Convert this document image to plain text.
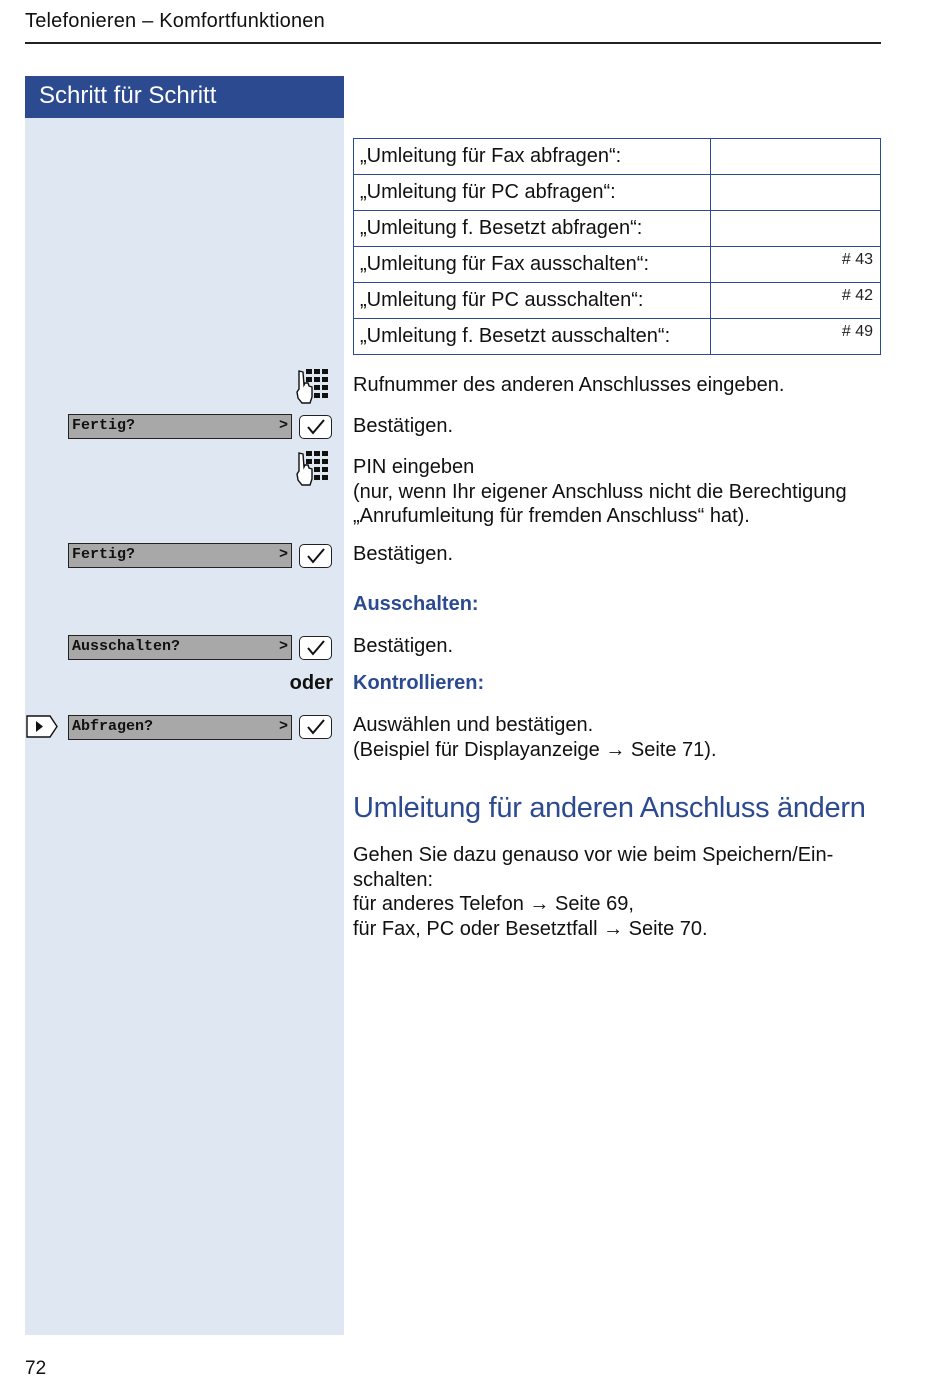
Telefonieren – Komfortfunktionen
Schritt für Schritt
„Umleitung für Fax abfragen“:	
„Umleitung für PC abfragen“:	
„Umleitung f. Besetzt abfragen“:	
„Umleitung für Fax ausschalten“:	# 43
„Umleitung für PC ausschalten“:	# 42
„Umleitung f. Besetzt ausschalten“:	# 49
Rufnummer des anderen Anschlusses eingeben.
Fertig?	>	Bestätigen.
PIN eingeben
(nur, wenn Ihr eigener Anschluss nicht die Berechtigung
„Anrufumleitung für fremden Anschluss“ hat).
Fertig?	>	Bestätigen.
Ausschalten:
Ausschalten?	>	Bestätigen.
oder Kontrollieren:
Abfragen?	>	Auswählen und bestätigen.
(Beispiel für Displayanzeige → Seite 71).
Umleitung für anderen Anschluss ändern
Gehen Sie dazu genauso vor wie beim Speichern/Ein-
schalten:
für anderes Telefon → Seite 69,
für Fax, PC oder Besetztfall → Seite 70.
72
